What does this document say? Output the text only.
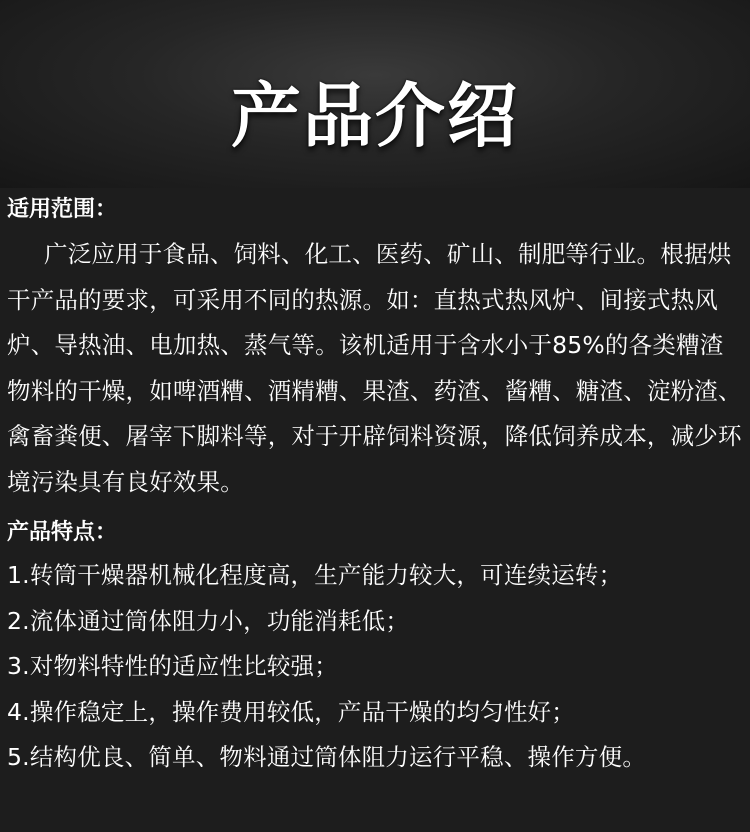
产品介绍
适用范围：

广泛应用于食品、饲料、化工、医药、矿山、制肥等行业。根据烘干产品的要求，可采用不同的热源。如：直热式热风炉、间接式热风炉、导热油、电加热、蒸气等。该机适用于含水小于85%的各类糟渣物料的干燥，如啤酒糟、酒精糟、果渣、药渣、酱糟、糖渣、淀粉渣、禽畜粪便、屠宰下脚料等，对于开辟饲料资源，降低饲养成本，减少环境污染具有良好效果。

产品特点：
1.转筒干燥器机械化程度高，生产能力较大，可连续运转；
2.流体通过筒体阻力小，功能消耗低；
3.对物料特性的适应性比较强；
4.操作稳定上，操作费用较低，产品干燥的均匀性好；
5.结构优良、简单、物料通过筒体阻力运行平稳、操作方便。
